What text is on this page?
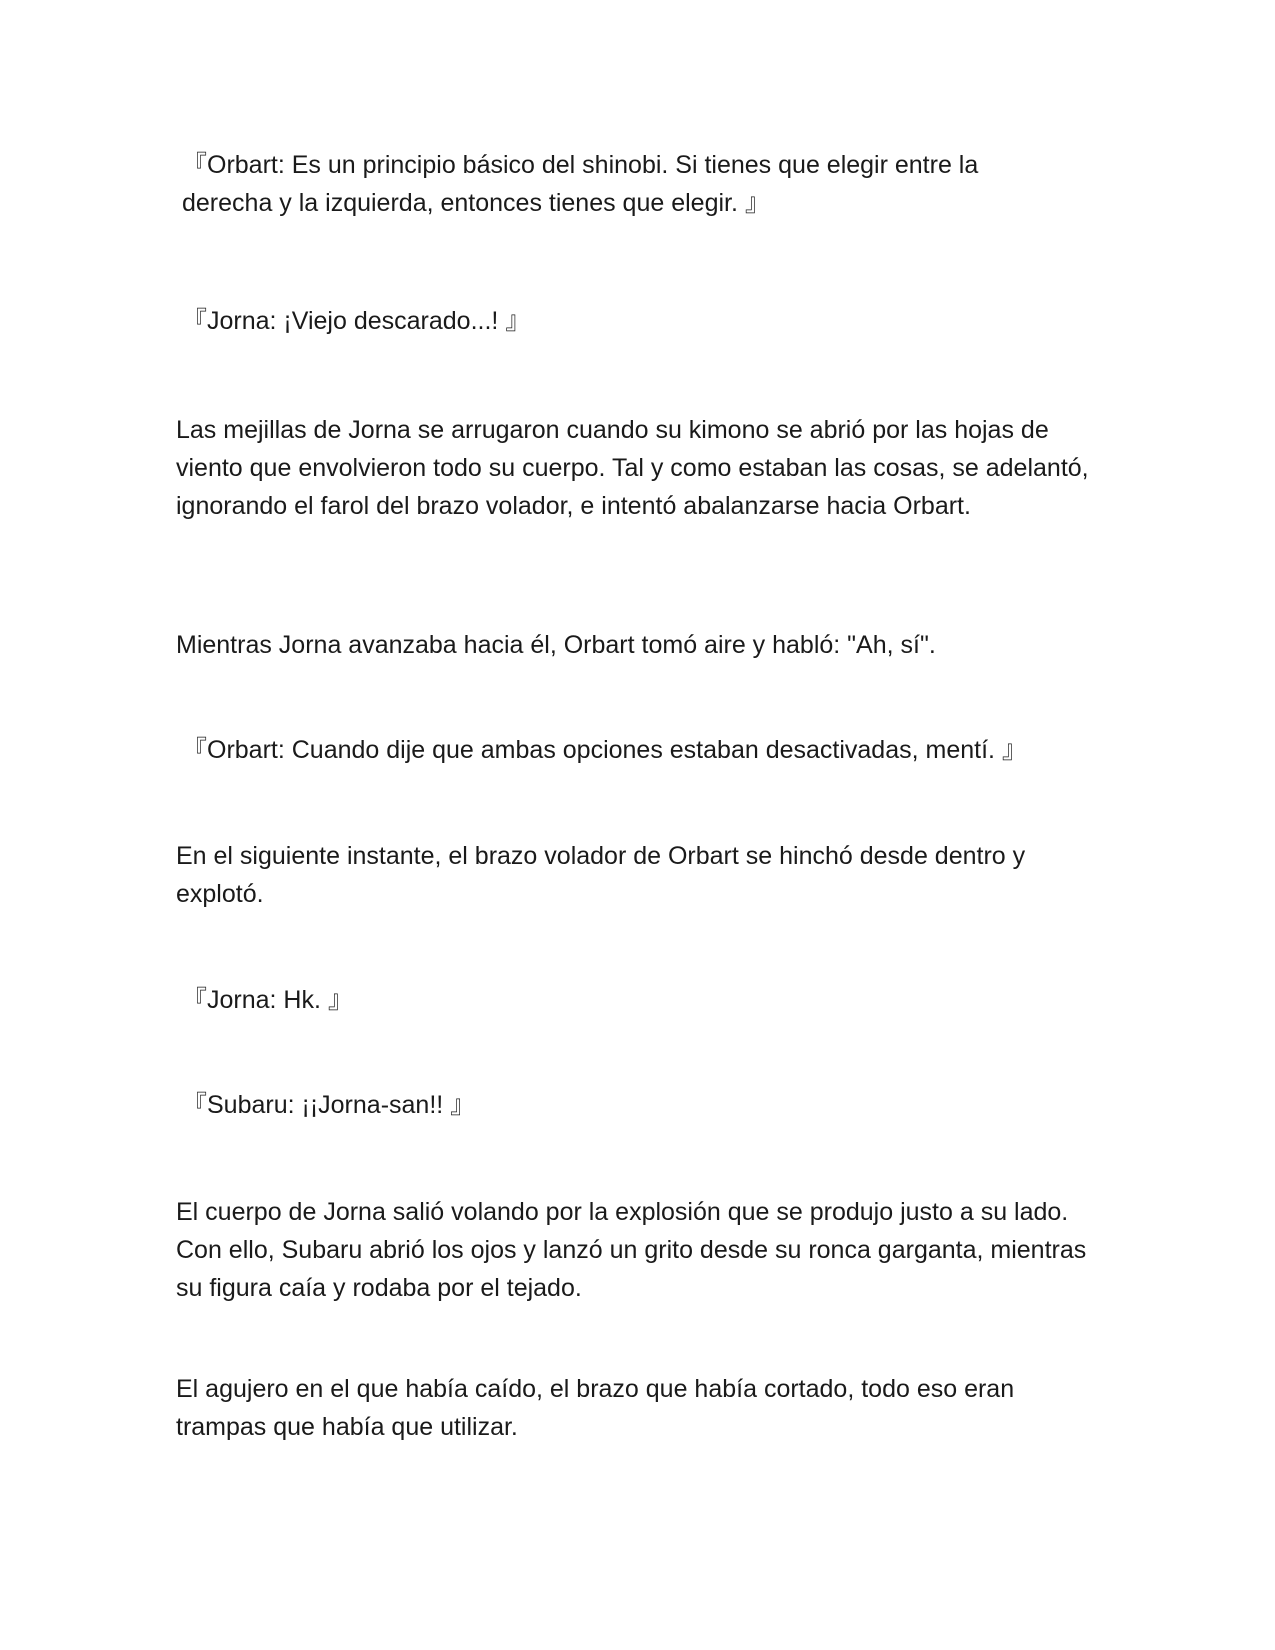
『Orbart: Es un principio básico del shinobi. Si tienes que elegir entre la derecha y la izquierda, entonces tienes que elegir. 』

『Jorna: ¡Viejo descarado...! 』

Las mejillas de Jorna se arrugaron cuando su kimono se abrió por las hojas de viento que envolvieron todo su cuerpo. Tal y como estaban las cosas, se adelantó, ignorando el farol del brazo volador, e intentó abalanzarse hacia Orbart.

Mientras Jorna avanzaba hacia él, Orbart tomó aire y habló: "Ah, sí".

『Orbart: Cuando dije que ambas opciones estaban desactivadas, mentí. 』

En el siguiente instante, el brazo volador de Orbart se hinchó desde dentro y explotó.

『Jorna: Hk. 』

『Subaru: ¡¡Jorna-san!! 』

El cuerpo de Jorna salió volando por la explosión que se produjo justo a su lado. Con ello, Subaru abrió los ojos y lanzó un grito desde su ronca garganta, mientras su figura caía y rodaba por el tejado.

El agujero en el que había caído, el brazo que había cortado, todo eso eran trampas que había que utilizar.
